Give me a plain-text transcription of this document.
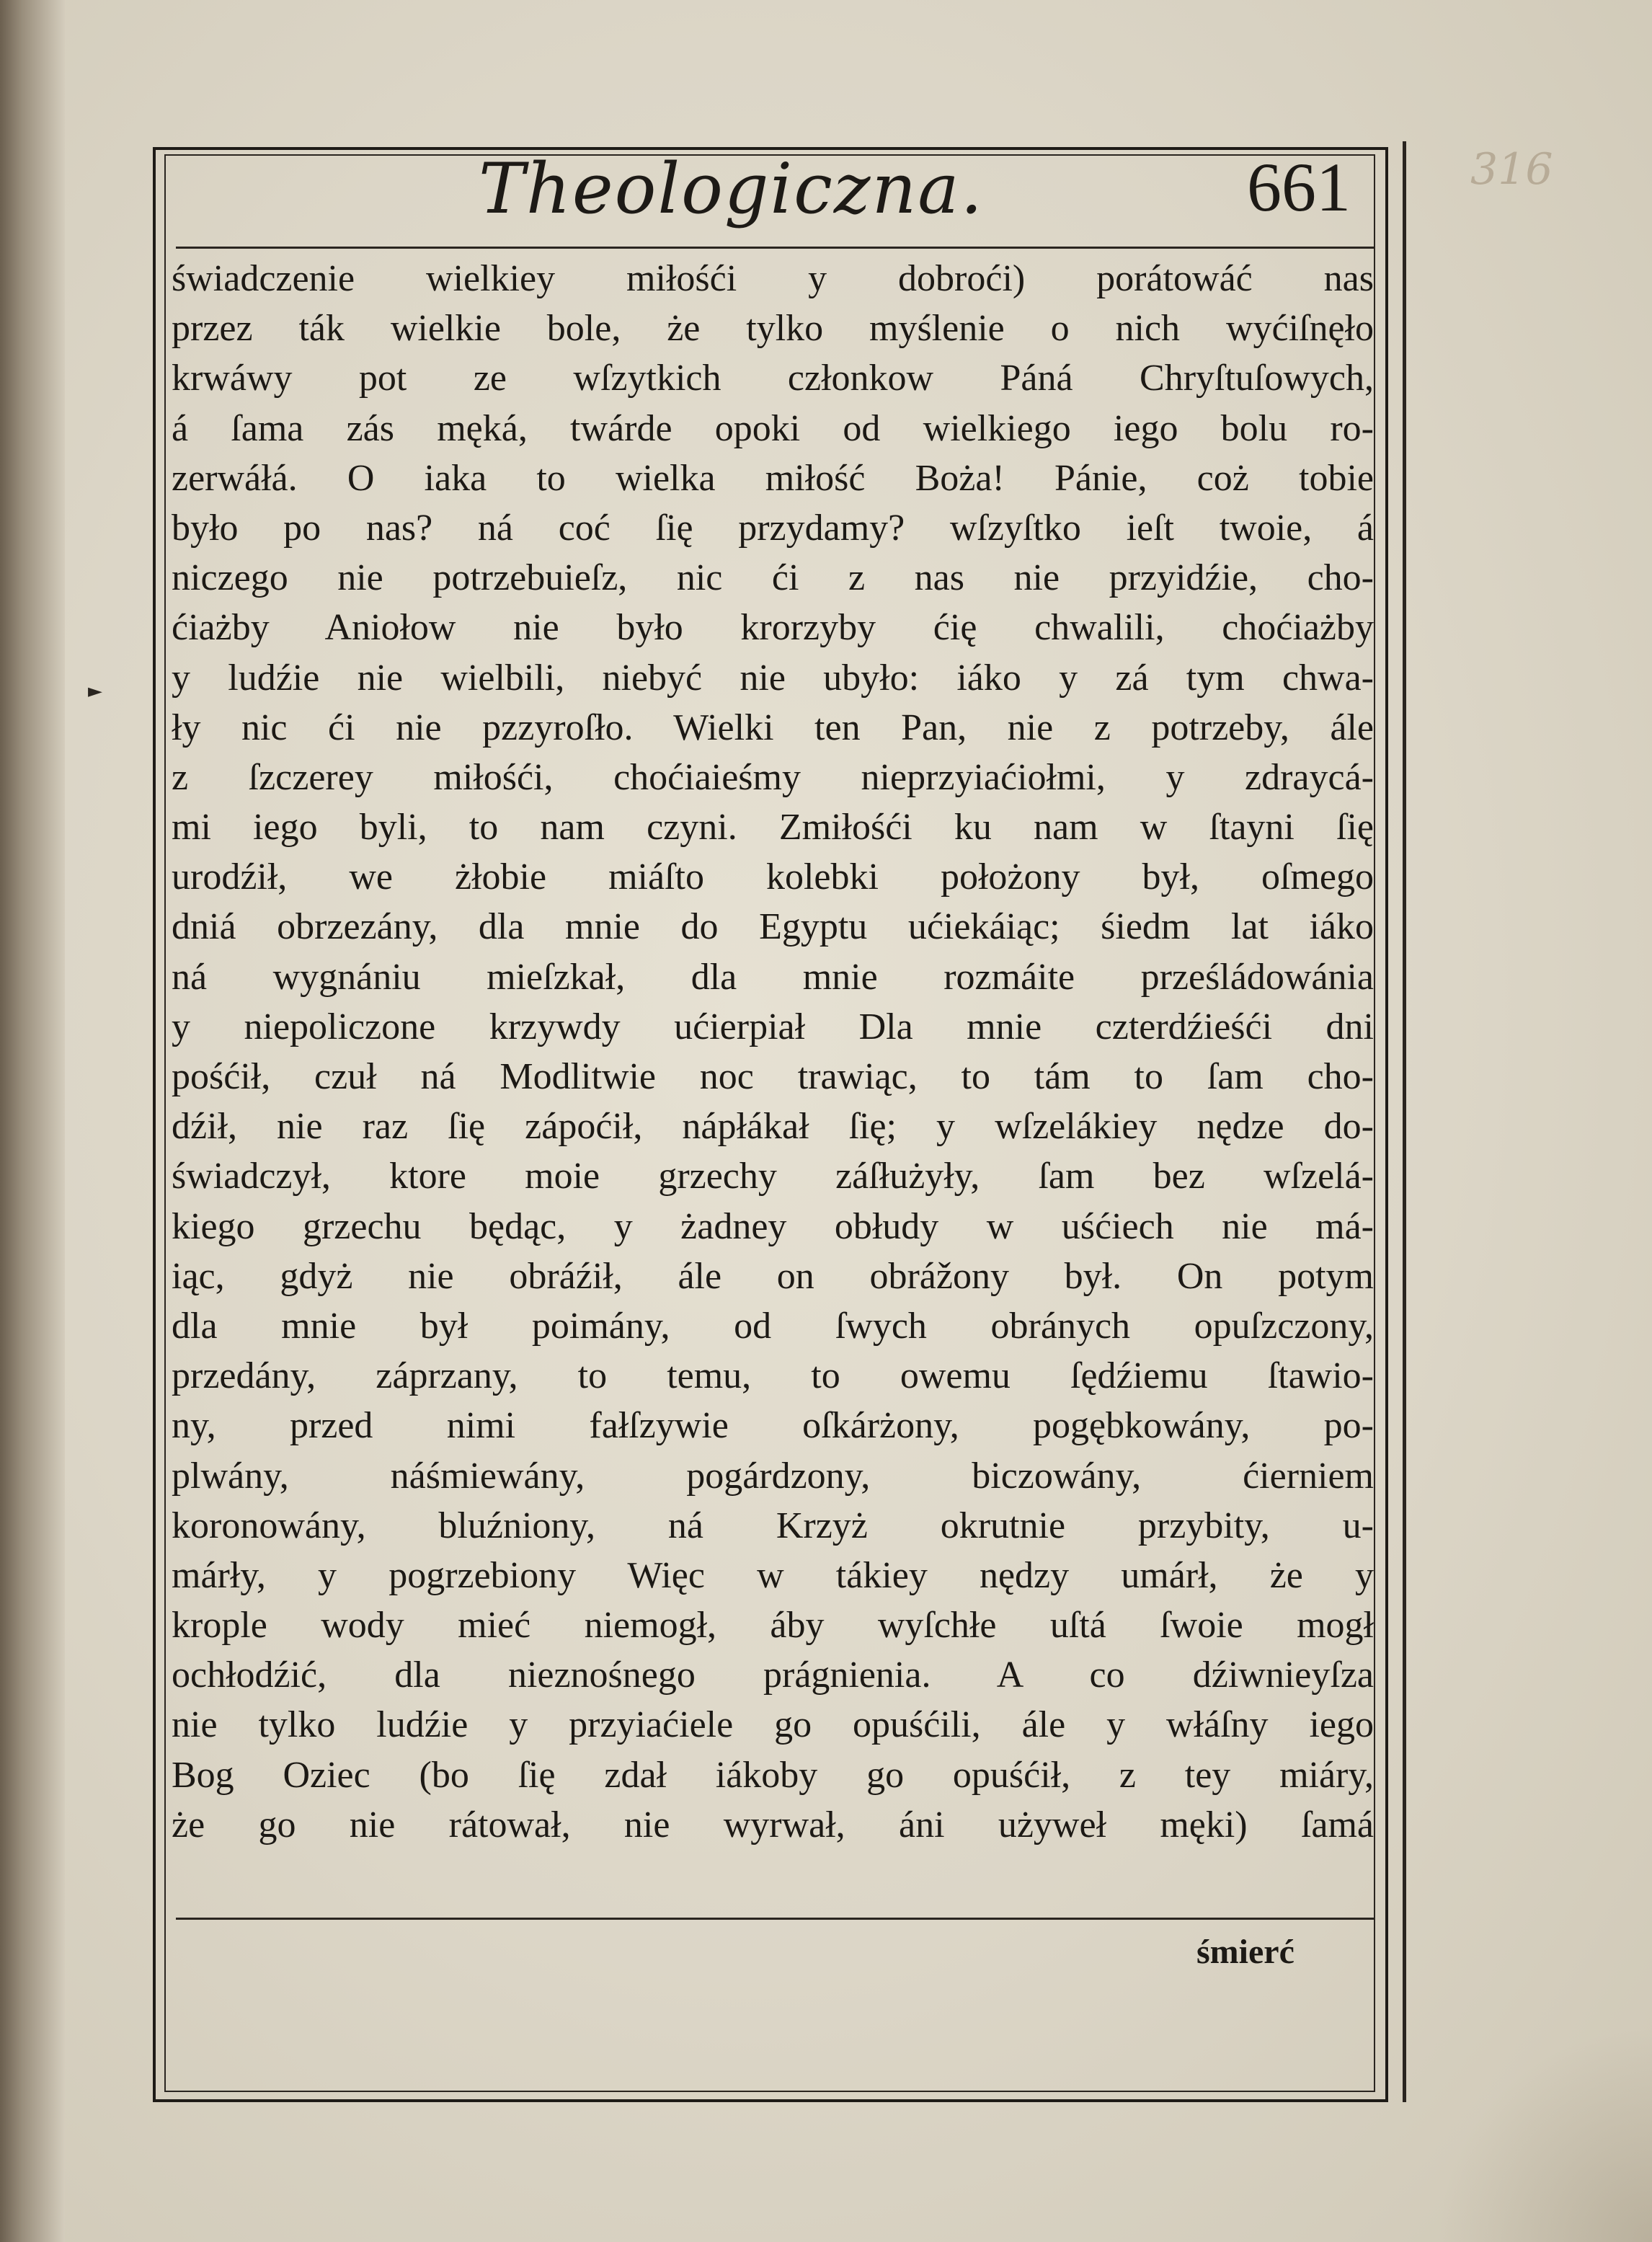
Theologiczna.	661	316
►
świadczenie wielkiey miłośći y dobroći) porátowáć nas
przez ták wielkie bole, że tylko myślenie o nich wyćiſnęło
krwáwy pot ze wſzytkich członkow Páná Chryſtuſowych,
á ſama zás męká, twárde opoki od wielkiego iego bolu ro-
zerwáłá. O iaka to wielka miłość Boża! Pánie, coż tobie
było po nas? ná coć ſię przydamy? wſzyſtko ieſt twoie, á
niczego nie potrzebuieſz, nic ći z nas nie przyidźie, cho-
ćiażby Aniołow nie było krorzyby ćię chwalili, choćiażby
y ludźie nie wielbili, niebyć nie ubyło: iáko y zá tym chwa-
ły nic ći nie pzzyroſło. Wielki ten Pan, nie z potrzeby, ále
z ſzczerey miłośći, choćiaieśmy nieprzyiaćiołmi, y zdraycá-
mi iego byli, to nam czyni. Zmiłośći ku nam w ſtayni ſię
urodźił, we żłobie miáſto kolebki położony był, oſmego
dniá obrzezány, dla mnie do Egyptu ućiekáiąc; śiedm lat iáko
ná wygnániu mieſzkał, dla mnie rozmáite prześládowánia
y niepoliczone krzywdy ućierpiał Dla mnie czterdźieśći dni
pośćił, czuł ná Modlitwie noc trawiąc, to tám to ſam cho-
dźił, nie raz ſię zápoćił, nápłákał ſię; y wſzelákiey nędze do-
świadczył, ktore moie grzechy záſłużyły, ſam bez wſzelá-
kiego grzechu będąc, y żadney obłudy w uśćiech nie má-
iąc, gdyż nie obráźił, ále on obrážony był. On potym
dla mnie był poimány, od ſwych obránych opuſzczony,
przedány, záprzany, to temu, to owemu ſędźiemu ſtawio-
ny, przed nimi fałſzywie oſkárżony, pogębkowány, po-
plwány, náśmiewány, pogárdzony, biczowány, ćierniem
koronowány, bluźniony, ná Krzyż okrutnie przybity, u-
márły, y pogrzebiony Więc w tákiey nędzy umárł, że y
krople wody mieć niemogł, áby wyſchłe uſtá ſwoie mogł
ochłodźić, dla nieznośnego prágnienia. A co dźiwnieyſza
nie tylko ludźie y przyiaćiele go opuśćili, ále y włáſny iego
Bog Oziec (bo ſię zdał iákoby go opuśćił, z tey miáry,
że go nie rátował, nie wyrwał, áni używeł męki) ſamá
śmierć
